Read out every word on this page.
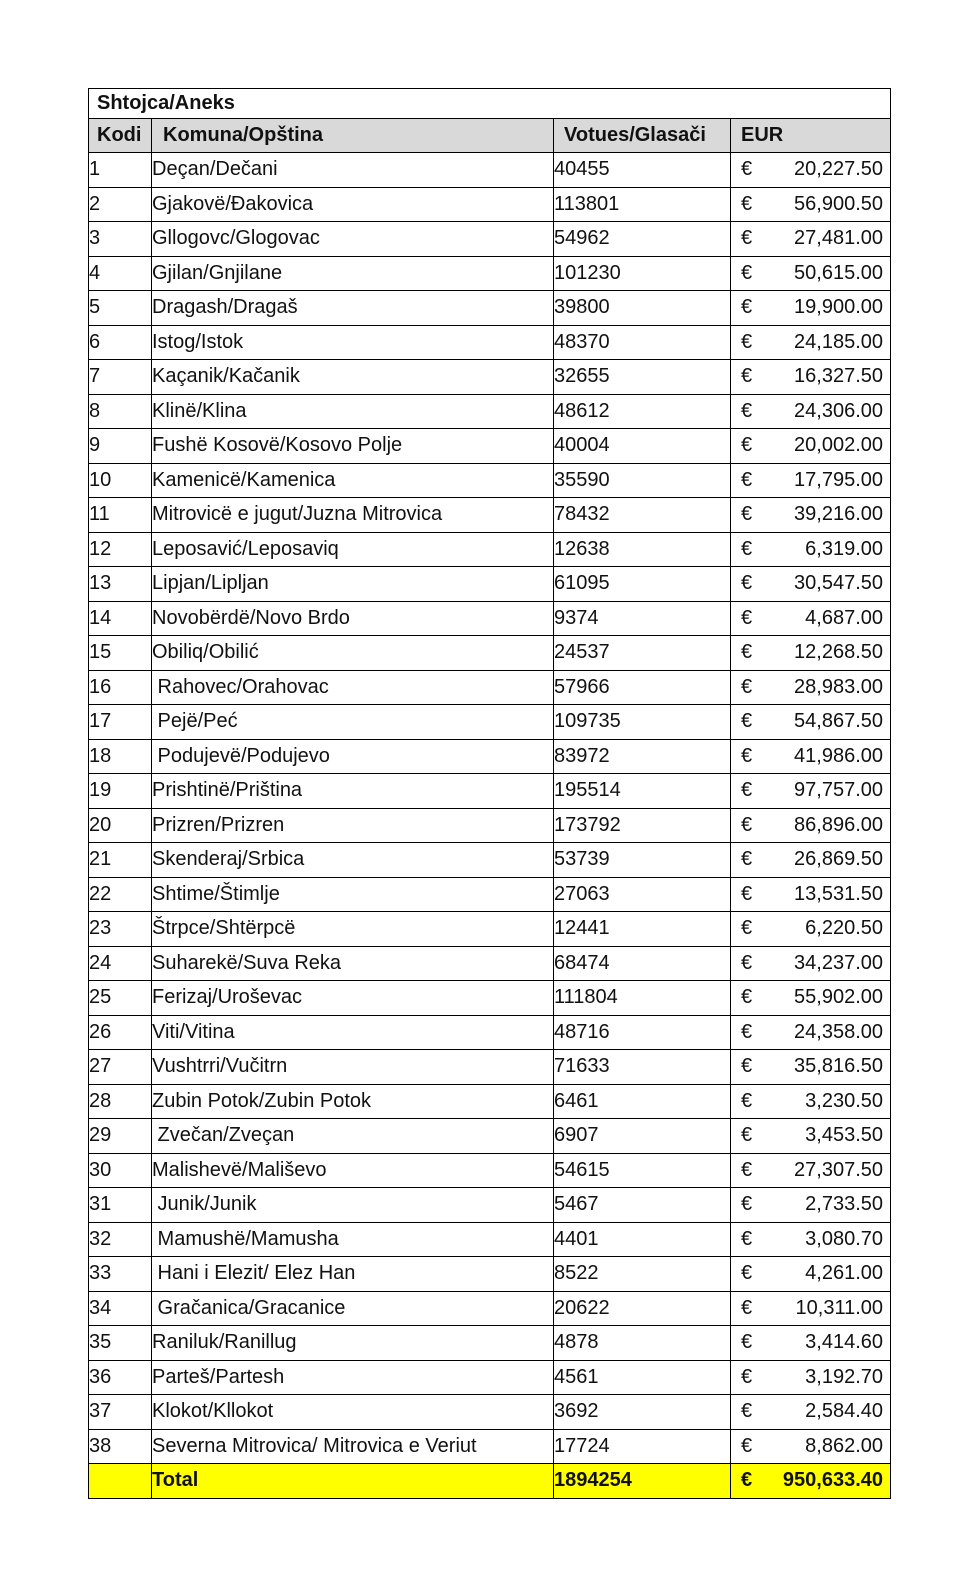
Shtojca/Aneks			
Kodi	Komuna/Opština	Votues/Glasači	EUR
1	Deçan/Dečani	40455	€ 20,227.50

2	Gjakovë/Đakovica	113801	€ 56,900.50

3	Gllogovc/Glogovac	54962	€ 27,481.00

4	Gjilan/Gnjilane	101230	€ 50,615.00

5	Dragash/Dragaš	39800	€ 19,900.00

6	Istog/Istok	48370	€ 24,185.00

7	Kaçanik/Kačanik	32655	€ 16,327.50

8	Klinë/Klina	48612	€ 24,306.00

9	Fushë Kosovë/Kosovo Polje	40004	€ 20,002.00

10	Kamenicë/Kamenica	35590	€ 17,795.00

11	Mitrovicë e jugut/Juzna Mitrovica	78432	€ 39,216.00

12	Leposavić/Leposaviq	12638	€ 6,319.00

13	Lipjan/Lipljan	61095	€ 30,547.50

14	Novobërdë/Novo Brdo	9374	€ 4,687.00

15	Obiliq/Obilić	24537	€ 12,268.50

16	Rahovec/Orahovac	57966	€ 28,983.00

17	Pejë/Peć	109735	€ 54,867.50

18	Podujevë/Podujevo	83972	€ 41,986.00

19	Prishtinë/Priština	195514	€ 97,757.00

20	Prizren/Prizren	173792	€ 86,896.00

21	Skenderaj/Srbica	53739	€ 26,869.50

22	Shtime/Štimlje	27063	€ 13,531.50

23	Štrpce/Shtërpcë	12441	€ 6,220.50

24	Suharekë/Suva Reka	68474	€ 34,237.00

25	Ferizaj/Uroševac	111804	€ 55,902.00

26	Viti/Vitina	48716	€ 24,358.00

27	Vushtrri/Vučitrn	71633	€ 35,816.50

28	Zubin Potok/Zubin Potok	6461	€ 3,230.50

29	Zvečan/Zveçan	6907	€ 3,453.50

30	Malishevë/Mališevo	54615	€ 27,307.50

31	Junik/Junik	5467	€ 2,733.50

32	Mamushë/Mamusha	4401	€ 3,080.70

33	Hani i Elezit/ Elez Han	8522	€ 4,261.00

34	Gračanica/Gracanice	20622	€ 10,311.00

35	Raniluk/Ranillug	4878	€ 3,414.60

36	Parteš/Partesh	4561	€ 3,192.70

37	Klokot/Kllokot	3692	€ 2,584.40

38	Severna Mitrovica/ Mitrovica e Veriut	17724	€ 8,862.00

	Total	1894254	€ 950,633.40
